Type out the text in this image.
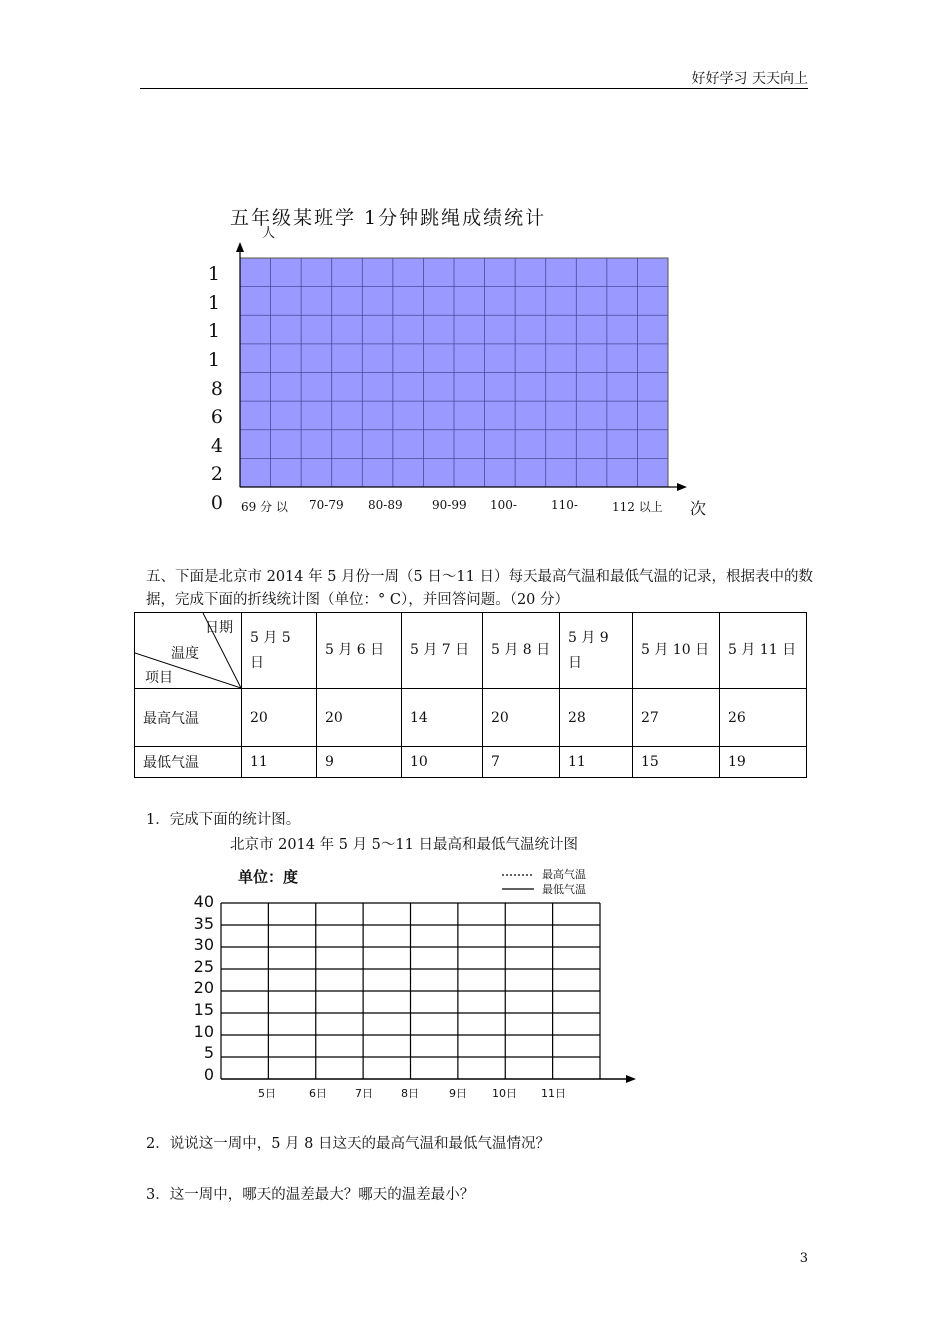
好好学习 天天向上
五年级某班学 1分钟跳绳成绩统计
人
1
1
1
1
8
6
4
2
0 69 分 以 70-79 80-89 90-99 100-	110-	112 以上 次
五、下面是北京市 2014 年 5 月份一周（5 日～11 日）每天最高气温和最低气温的记录，根据表中的数据，完成下面的折线统计图（单位：° C），并回答问题。（20 分）
日期
温度
项目	5 月 5 日	5 月 6 日	5 月 7 日	5 月 8 日	5 月 9 日	5 月 10 日	5 月 11 日
最高气温	20	20	14	20	28	27	26
最低气温	11	9	10	7	11	15	19
1．完成下面的统计图。
北京市 2014 年 5 月 5～11 日最高和最低气温统计图
单位：度	最高气温
最低气温
40
35
30
25
20
15
10
5
0
5日	6日	7日	8日	9日 10日 11日
2．说说这一周中，5 月 8 日这天的最高气温和最低气温情况？
3．这一周中，哪天的温差最大？哪天的温差最小？
3
